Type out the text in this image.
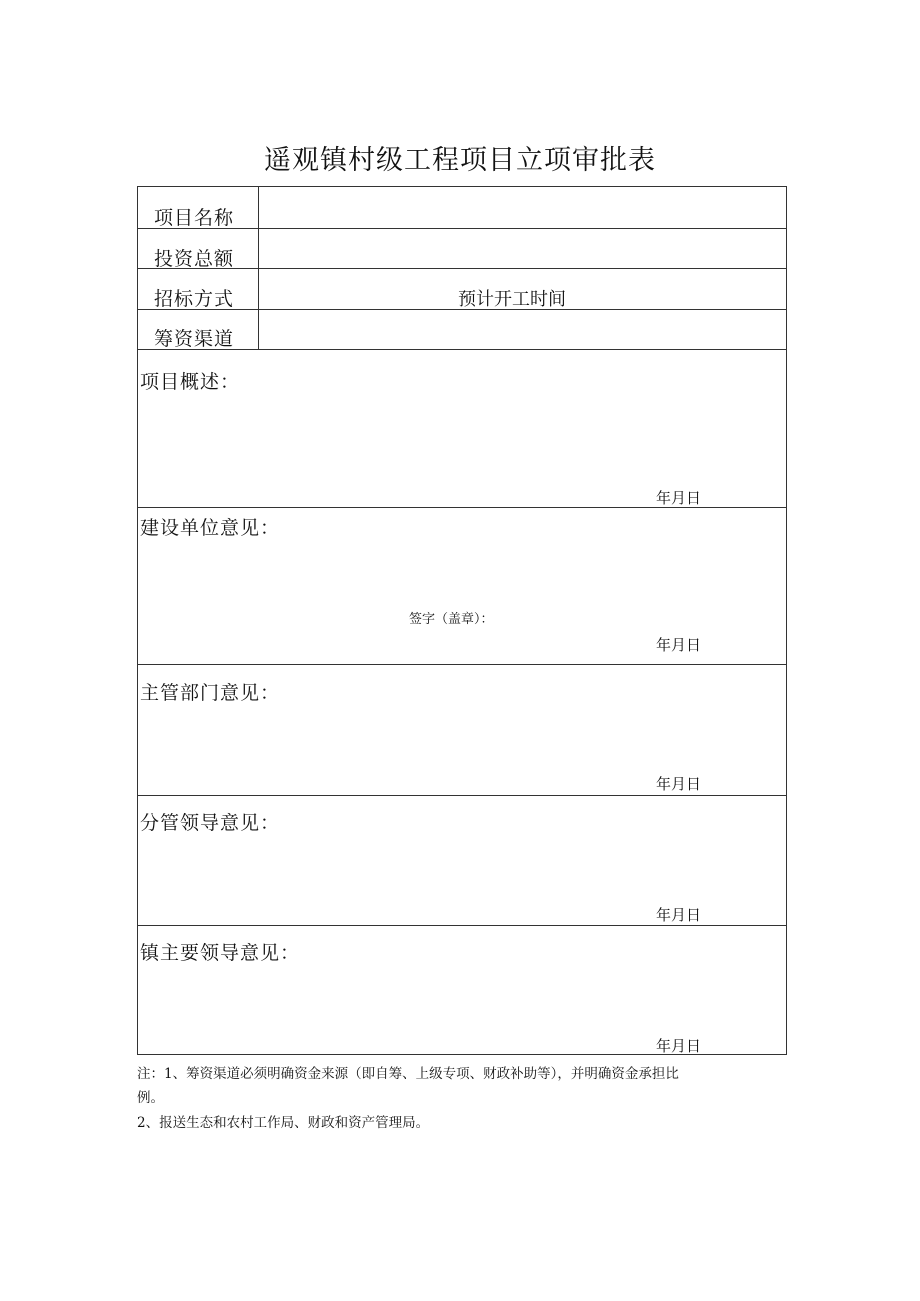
遥观镇村级工程项目立项审批表
项目名称
投资总额
招标方式	预计开工时间
筹资渠道
项目概述：
年月日
建设单位意见：
签字（盖章）：
年月日
主管部门意见：
年月日
分管领导意见：
年月日
镇主要领导意见：
年月日
注：1、筹资渠道必须明确资金来源（即自筹、上级专项、财政补助等），并明确资金承担比
例。
2、报送生态和农村工作局、财政和资产管理局。
